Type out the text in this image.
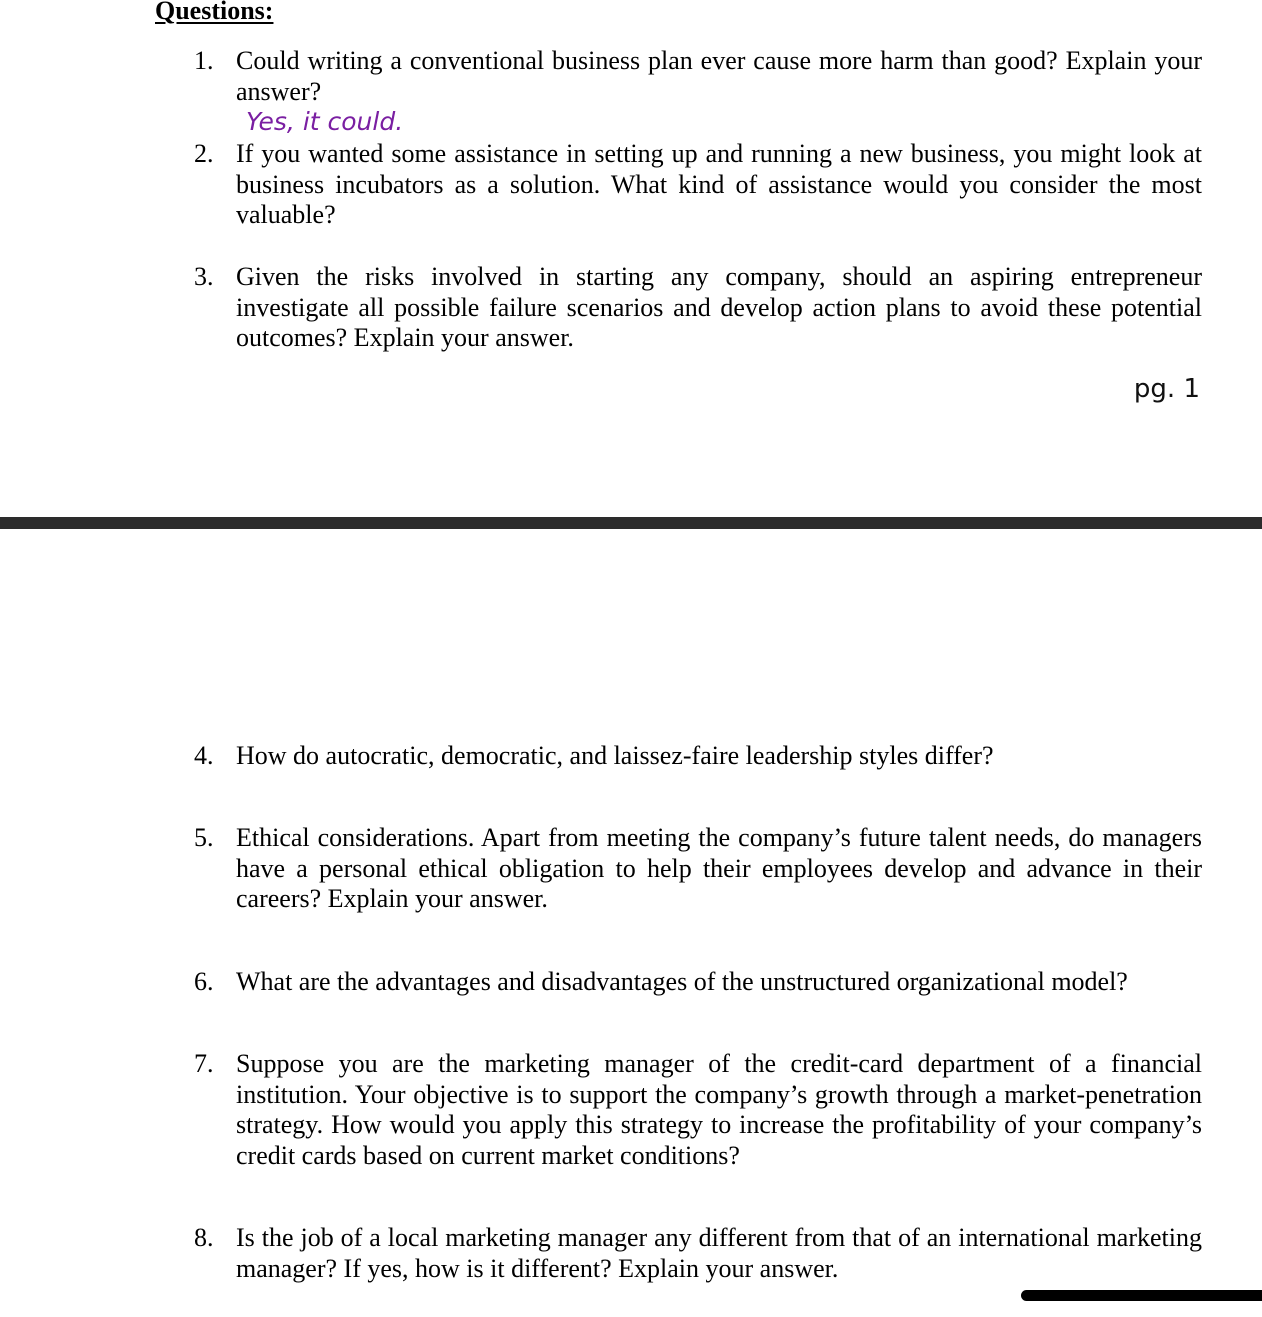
Questions:
1. Could writing a conventional business plan ever cause more harm than good? Explain your answer?
Yes, it could.
2. If you wanted some assistance in setting up and running a new business, you might look at business incubators as a solution. What kind of assistance would you consider the most valuable?
3. Given the risks involved in starting any company, should an aspiring entrepreneur investigate all possible failure scenarios and develop action plans to avoid these potential outcomes? Explain your answer.
pg. 1
4. How do autocratic, democratic, and laissez-faire leadership styles differ?
5. Ethical considerations. Apart from meeting the company’s future talent needs, do managers have a personal ethical obligation to help their employees develop and advance in their careers? Explain your answer.
6. What are the advantages and disadvantages of the unstructured organizational model?
7. Suppose you are the marketing manager of the credit-card department of a financial institution. Your objective is to support the company’s growth through a market-penetration strategy. How would you apply this strategy to increase the profitability of your company’s credit cards based on current market conditions?
8. Is the job of a local marketing manager any different from that of an international marketing manager? If yes, how is it different? Explain your answer.
